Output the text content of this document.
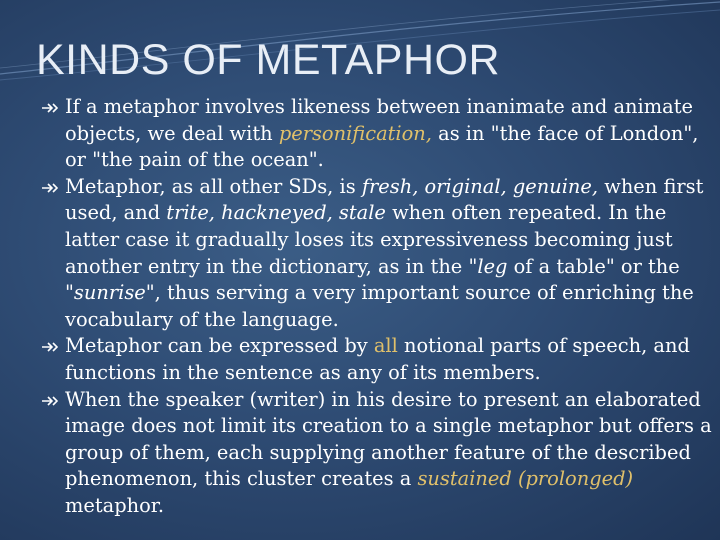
KINDS OF METAPHOR
If a metaphor involves likeness between inanimate and animate objects, we deal with personification, as in "the face of London", or "the pain of the ocean".
Metaphor, as all other SDs, is fresh, original, genuine, when first used, and trite, hackneyed, stale when often repeated. In the latter case it gradually loses its expressiveness becoming just another entry in the dictionary, as in the "leg of a table" or the "sunrise", thus serving a very important source of enriching the vocabulary of the language.
Metaphor can be expressed by all notional parts of speech, and functions in the sentence as any of its members.
When the speaker (writer) in his desire to present an elaborated image does not limit its creation to a single metaphor but offers a group of them, each supplying another feature of the described phenomenon, this cluster creates a sustained (prolonged) metaphor.
